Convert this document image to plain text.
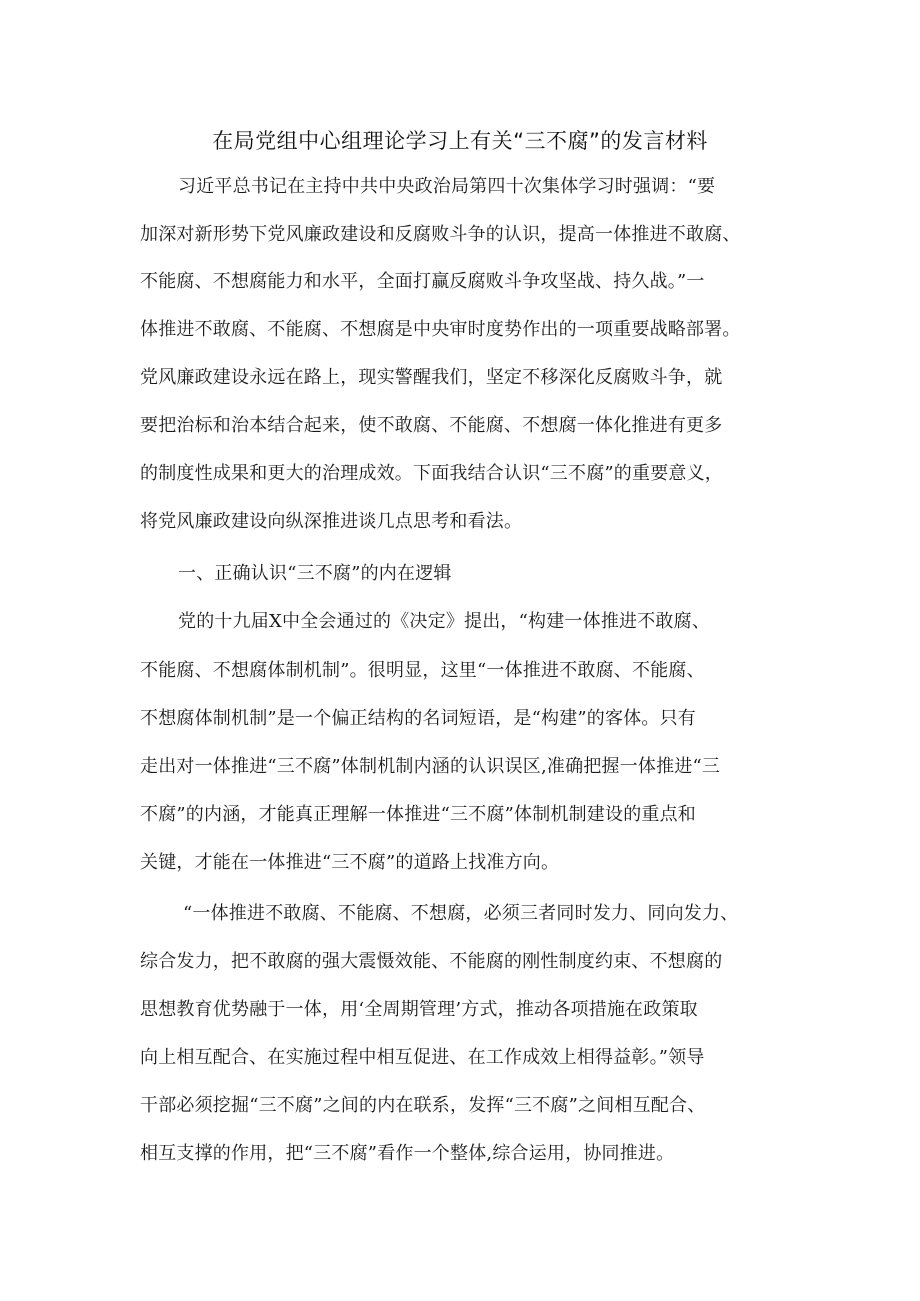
在局党组中心组理论学习上有关“三不腐”的发言材料
习近平总书记在主持中共中央政治局第四十次集体学习时强调：“要
加深对新形势下党风廉政建设和反腐败斗争的认识，提高一体推进不敢腐、
不能腐、不想腐能力和水平，全面打赢反腐败斗争攻坚战、持久战。”一
体推进不敢腐、不能腐、不想腐是中央审时度势作出的一项重要战略部署。
党风廉政建设永远在路上，现实警醒我们，坚定不移深化反腐败斗争，就
要把治标和治本结合起来，使不敢腐、不能腐、不想腐一体化推进有更多
的制度性成果和更大的治理成效。下面我结合认识“三不腐”的重要意义，
将党风廉政建设向纵深推进谈几点思考和看法。
一、正确认识“三不腐”的内在逻辑
党的十九届X中全会通过的《决定》提出，“构建一体推进不敢腐、
不能腐、不想腐体制机制”。很明显，这里“一体推进不敢腐、不能腐、
不想腐体制机制”是一个偏正结构的名词短语，是“构建”的客体。只有
走出对一体推进“三不腐”体制机制内涵的认识误区,准确把握一体推进“三
不腐”的内涵，才能真正理解一体推进“三不腐”体制机制建设的重点和
关键，才能在一体推进“三不腐”的道路上找准方向。
“一体推进不敢腐、不能腐、不想腐，必须三者同时发力、同向发力、
综合发力，把不敢腐的强大震慑效能、不能腐的刚性制度约束、不想腐的
思想教育优势融于一体，用‘全周期管理’方式，推动各项措施在政策取
向上相互配合、在实施过程中相互促进、在工作成效上相得益彰。”领导
干部必须挖掘“三不腐”之间的内在联系，发挥“三不腐”之间相互配合、
相互支撑的作用，把“三不腐”看作一个整体,综合运用，协同推进。
